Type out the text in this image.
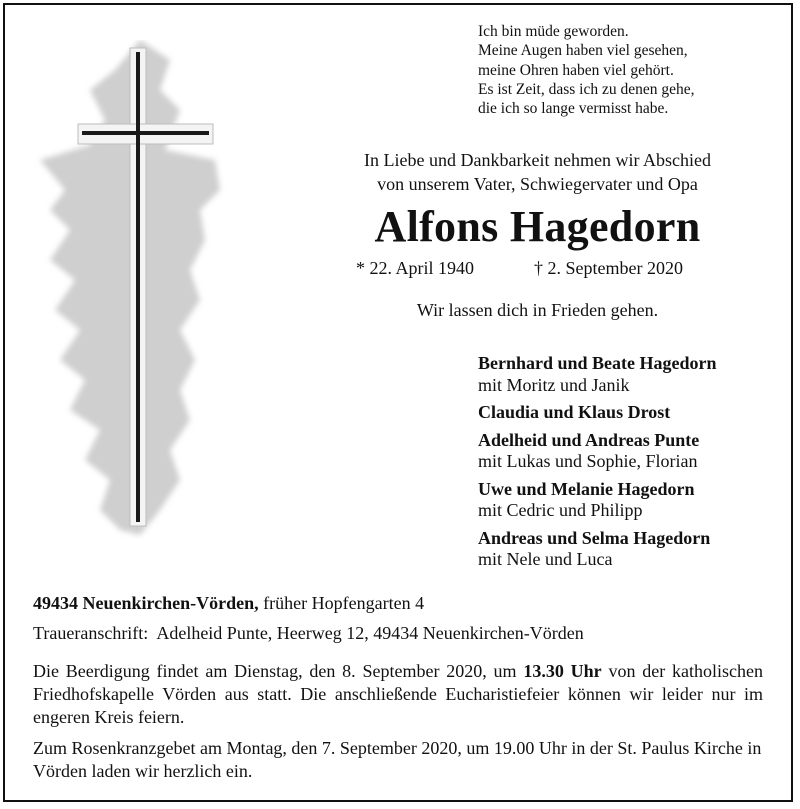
Ich bin müde geworden.
Meine Augen haben viel gesehen,
meine Ohren haben viel gehört.
Es ist Zeit, dass ich zu denen gehe,
die ich so lange vermisst habe.
In Liebe und Dankbarkeit nehmen wir Abschied
von unserem Vater, Schwiegervater und Opa
Alfons Hagedorn
* 22. April 1940	† 2. September 2020
Wir lassen dich in Frieden gehen.
Bernhard und Beate Hagedorn
mit Moritz und Janik
Claudia und Klaus Drost
Adelheid und Andreas Punte
mit Lukas und Sophie, Florian
Uwe und Melanie Hagedorn
mit Cedric und Philipp
Andreas und Selma Hagedorn
mit Nele und Luca
49434 Neuenkirchen-Vörden, früher Hopfengarten 4
Traueranschrift: Adelheid Punte, Heerweg 12, 49434 Neuenkirchen-Vörden
Die Beerdigung findet am Dienstag, den 8. September 2020, um 13.30 Uhr von der katholischen Friedhofskapelle Vörden aus statt. Die anschließende Eucharistiefeier können wir leider nur im engeren Kreis feiern.
Zum Rosenkranzgebet am Montag, den 7. September 2020, um 19.00 Uhr in der St. Paulus Kirche in Vörden laden wir herzlich ein.
